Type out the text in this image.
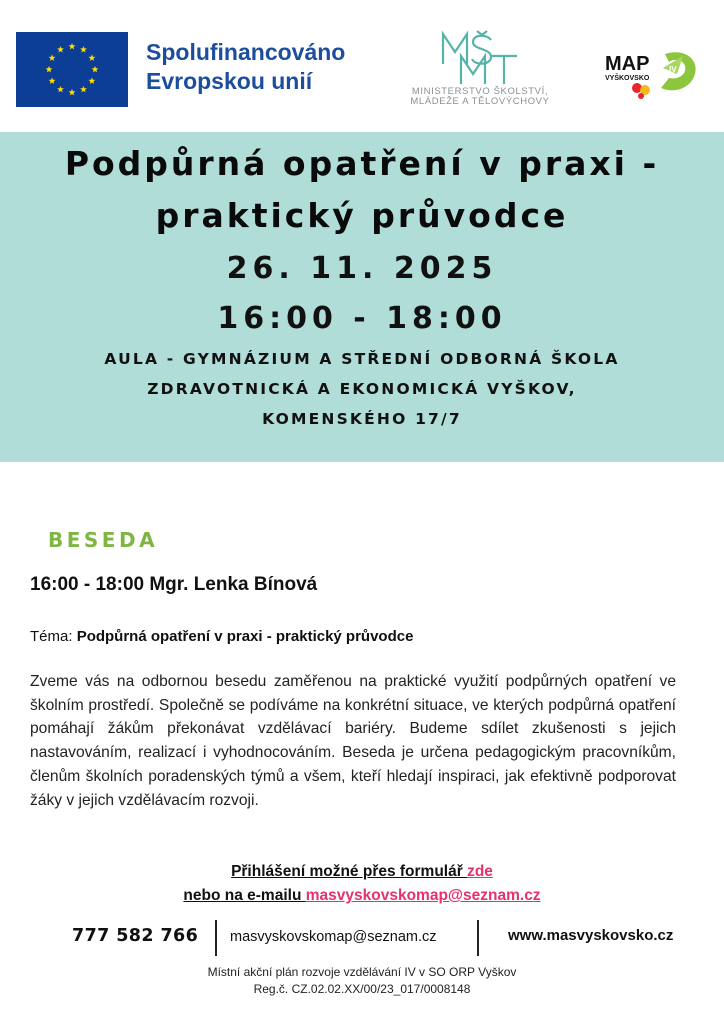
Spolufinancováno
Evropskou unií	MINISTERSTVO ŠKOLSTVÍ,
MLÁDEŽE A TĚLOVÝCHOVY
MAP
VYŠKOVSKO
IV
Podpůrná opatření v praxi -
praktický průvodce
26. 11. 2025
16:00 - 18:00
AULA - GYMNÁZIUM A STŘEDNÍ ODBORNÁ ŠKOLA
ZDRAVOTNICKÁ A EKONOMICKÁ VYŠKOV,
KOMENSKÉHO 17/7
BESEDA
16:00 - 18:00 Mgr. Lenka Bínová
Téma: Podpůrná opatření v praxi - praktický průvodce
Zveme vás na odbornou besedu zaměřenou na praktické využití podpůrných opatření ve školním prostředí. Společně se podíváme na konkrétní situace, ve kterých podpůrná opatření pomáhají žákům překonávat vzdělávací bariéry. Budeme sdílet zkušenosti s jejich nastavováním, realizací i vyhodnocováním. Beseda je určena pedagogickým pracovníkům, členům školních poradenských týmů a všem, kteří hledají inspiraci, jak efektivně podporovat žáky v jejich vzdělávacím rozvoji.
Přihlášení možné přes formulář zde
nebo na e-mailu masvyskovskomap@seznam.cz
777 582 766 masvyskovskomap@seznam.cz	www.masvyskovsko.cz
Místní akční plán rozvoje vzdělávání IV v SO ORP Vyškov
Reg.č. CZ.02.02.XX/00/23_017/0008148
